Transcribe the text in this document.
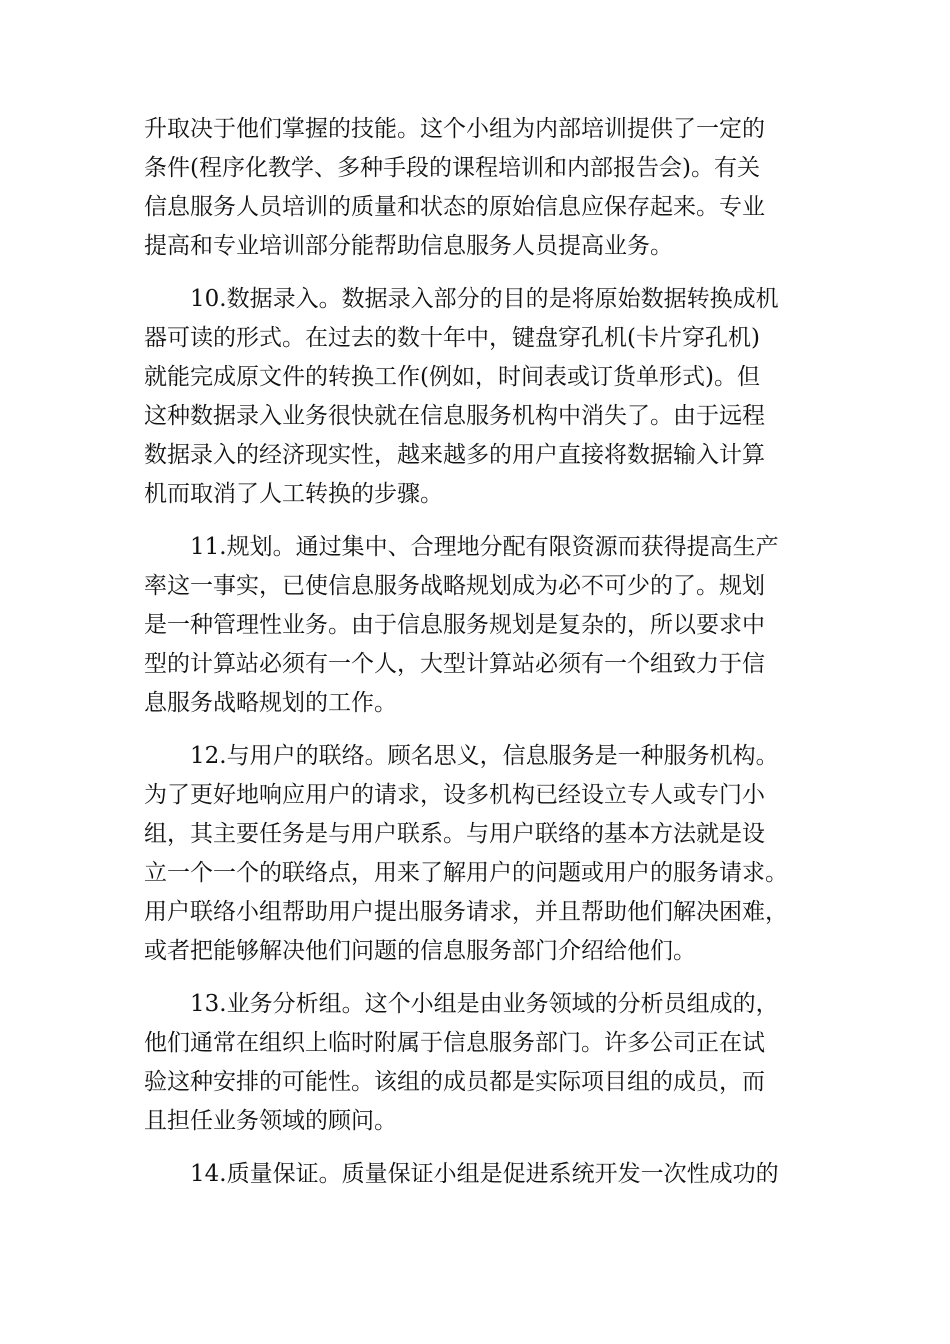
升取决于他们掌握的技能。这个小组为内部培训提供了一定的
条件(程序化教学、多种手段的课程培训和内部报告会)。有关
信息服务人员培训的质量和状态的原始信息应保存起来。专业
提高和专业培训部分能帮助信息服务人员提高业务。

10.数据录入。数据录入部分的目的是将原始数据转换成机
器可读的形式。在过去的数十年中，键盘穿孔机(卡片穿孔机)
就能完成原文件的转换工作(例如，时间表或订货单形式)。但
这种数据录入业务很快就在信息服务机构中消失了。由于远程
数据录入的经济现实性，越来越多的用户直接将数据输入计算
机而取消了人工转换的步骤。

11.规划。通过集中、合理地分配有限资源而获得提高生产
率这一事实，已使信息服务战略规划成为必不可少的了。规划
是一种管理性业务。由于信息服务规划是复杂的，所以要求中
型的计算站必须有一个人，大型计算站必须有一个组致力于信
息服务战略规划的工作。

12.与用户的联络。顾名思义，信息服务是一种服务机构。
为了更好地响应用户的请求，设多机构已经设立专人或专门小
组，其主要任务是与用户联系。与用户联络的基本方法就是设
立一个一个的联络点，用来了解用户的问题或用户的服务请求。
用户联络小组帮助用户提出服务请求，并且帮助他们解决困难，
或者把能够解决他们问题的信息服务部门介绍给他们。

13.业务分析组。这个小组是由业务领域的分析员组成的，
他们通常在组织上临时附属于信息服务部门。许多公司正在试
验这种安排的可能性。该组的成员都是实际项目组的成员，而
且担任业务领域的顾问。

14.质量保证。质量保证小组是促进系统开发一次性成功的
